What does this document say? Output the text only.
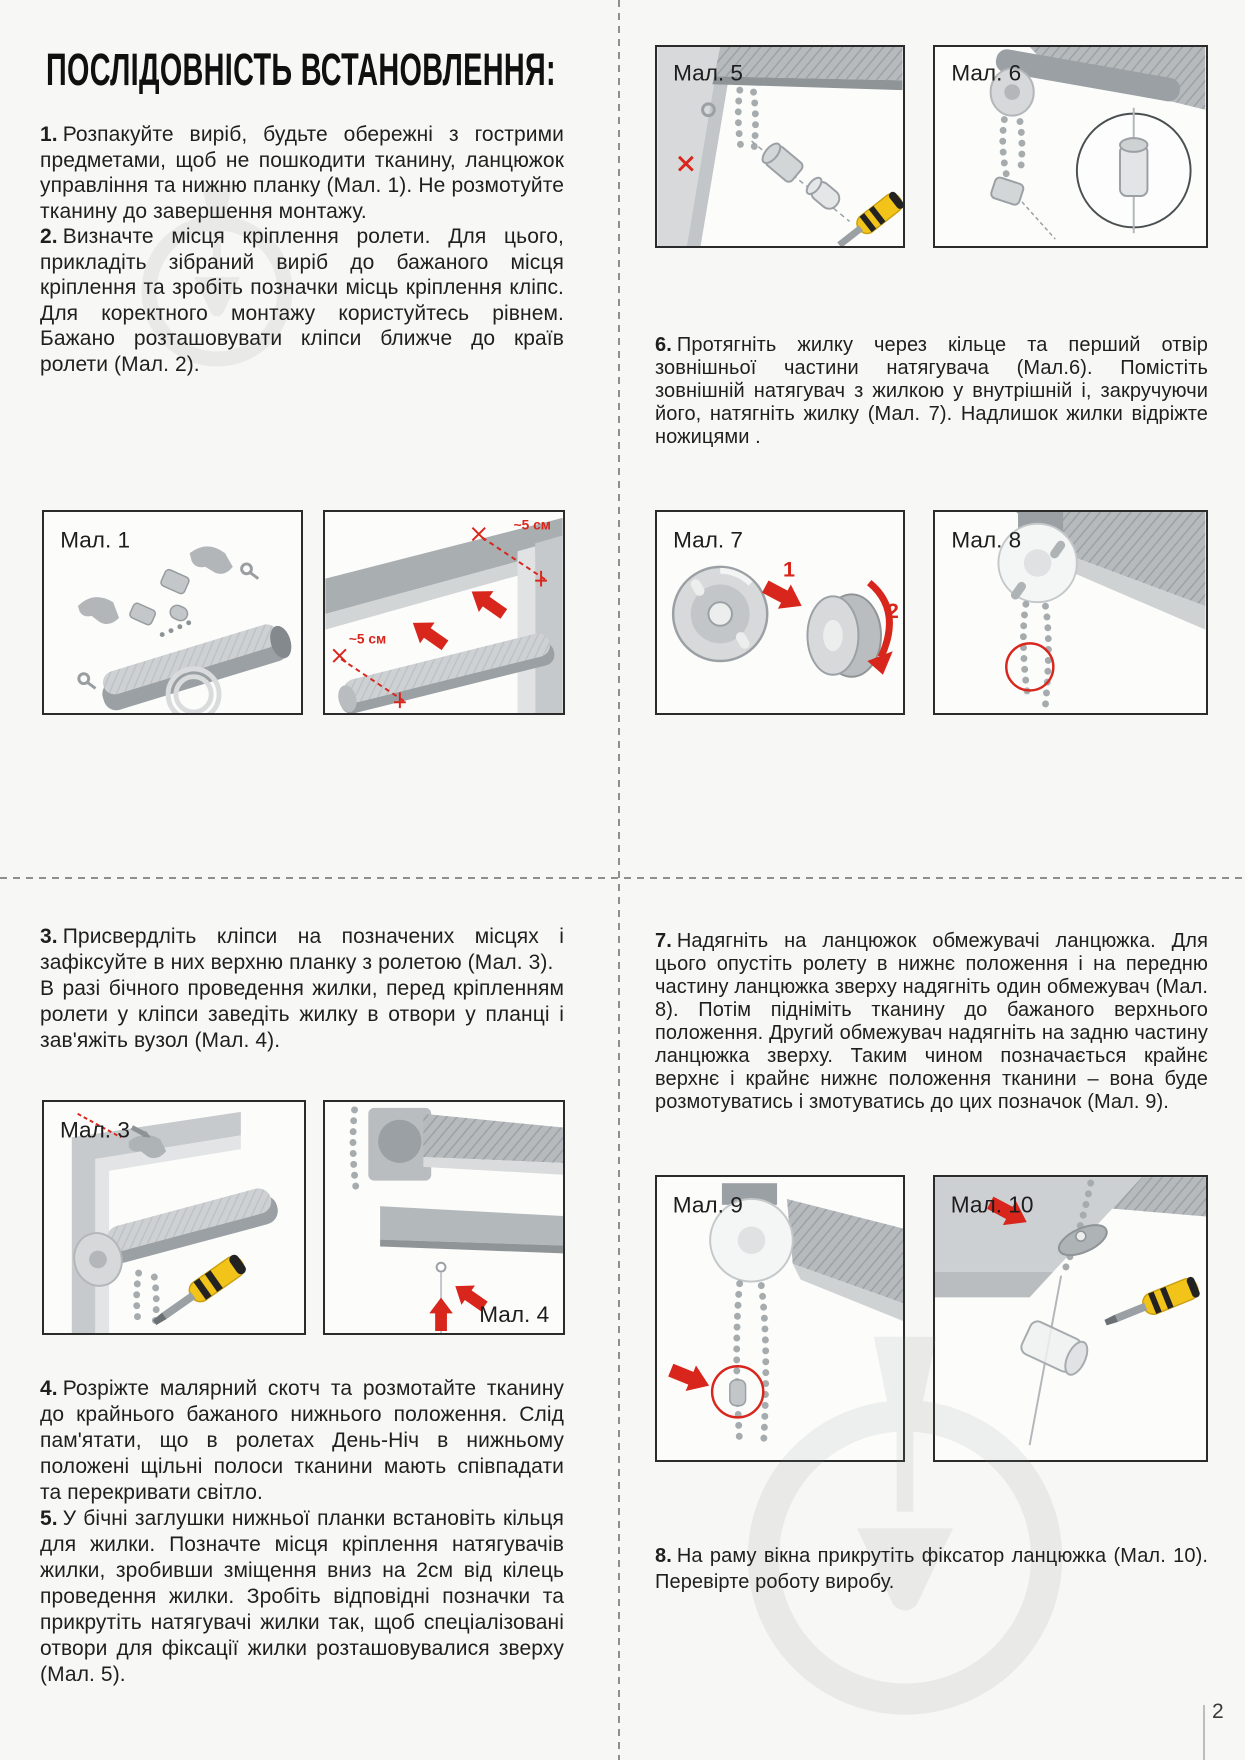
ПОСЛІДОВНІСТЬ ВСТАНОВЛЕННЯ:

1. Розпакуйте виріб, будьте обережні з гострими предметами, щоб не пошкодити тканину, ланцюжок управління та нижню планку (Мал. 1). Не розмотуйте тканину до завершення монтажу.

2. Визначте місця кріплення ролети. Для цього, прикладіть зібраний виріб до бажаного місця кріплення та зробіть позначки місць кріплення кліпс. Для коректного монтажу користуйтесь рівнем. Бажано розташовувати кліпси ближче до країв ролети (Мал. 2).

3. Присвердліть кліпси на позначених місцях і зафіксуйте в них верхню планку з ролетою (Мал. 3).

В разі бічного проведення жилки, перед кріпленням ролети у кліпси заведіть жилку в отвори у планці і зав'яжіть вузол (Мал. 4).

4. Розріжте малярний скотч та розмотайте тканину до крайнього бажаного нижнього положення. Слід пам'ятати, що в ролетах День-Ніч в нижньому положені щільні полоси тканини мають співпадати та перекривати світло.

5. У бічні заглушки нижньої планки встановіть кільця для жилки. Позначте місця кріплення натягувачів жилки, зробивши зміщення вниз на 2см від кілець проведення жилки. Зробіть відповідні позначки та прикрутіть натягувачі жилки так, щоб спеціалізовані отвори для фіксації жилки розташовувалися зверху (Мал. 5).

6. Протягніть жилку через кільце та перший отвір зовнішньої частини натягувача (Мал.6). Помістіть зовнішній натягувач з жилкою у внутрішній і, закручуючи його, натягніть жилку (Мал. 7). Надлишок жилки відріжте ножицями .

7. Надягніть на ланцюжок обмежувачі ланцюжка. Для цього опустіть ролету в нижнє положення і на передню частину ланцюжка зверху надягніть один обмежувач (Мал. 8). Потім підніміть тканину до бажаного верхнього положення. Другий обмежувач надягніть на задню частину ланцюжка зверху. Таким чином позначається крайнє верхнє і крайнє нижнє положення тканини – вона буде розмотуватись і змотуватись до цих позначок (Мал. 9).

8. На раму вікна прикрутіть фіксатор ланцюжка (Мал. 10). Перевірте роботу виробу.

Мал. 1
~5 см
~5 см
Мал. 3
Мал. 4
Мал. 5	Мал. 6
1
2
Мал. 7	Мал. 8
Мал. 9	Мал. 10
2
